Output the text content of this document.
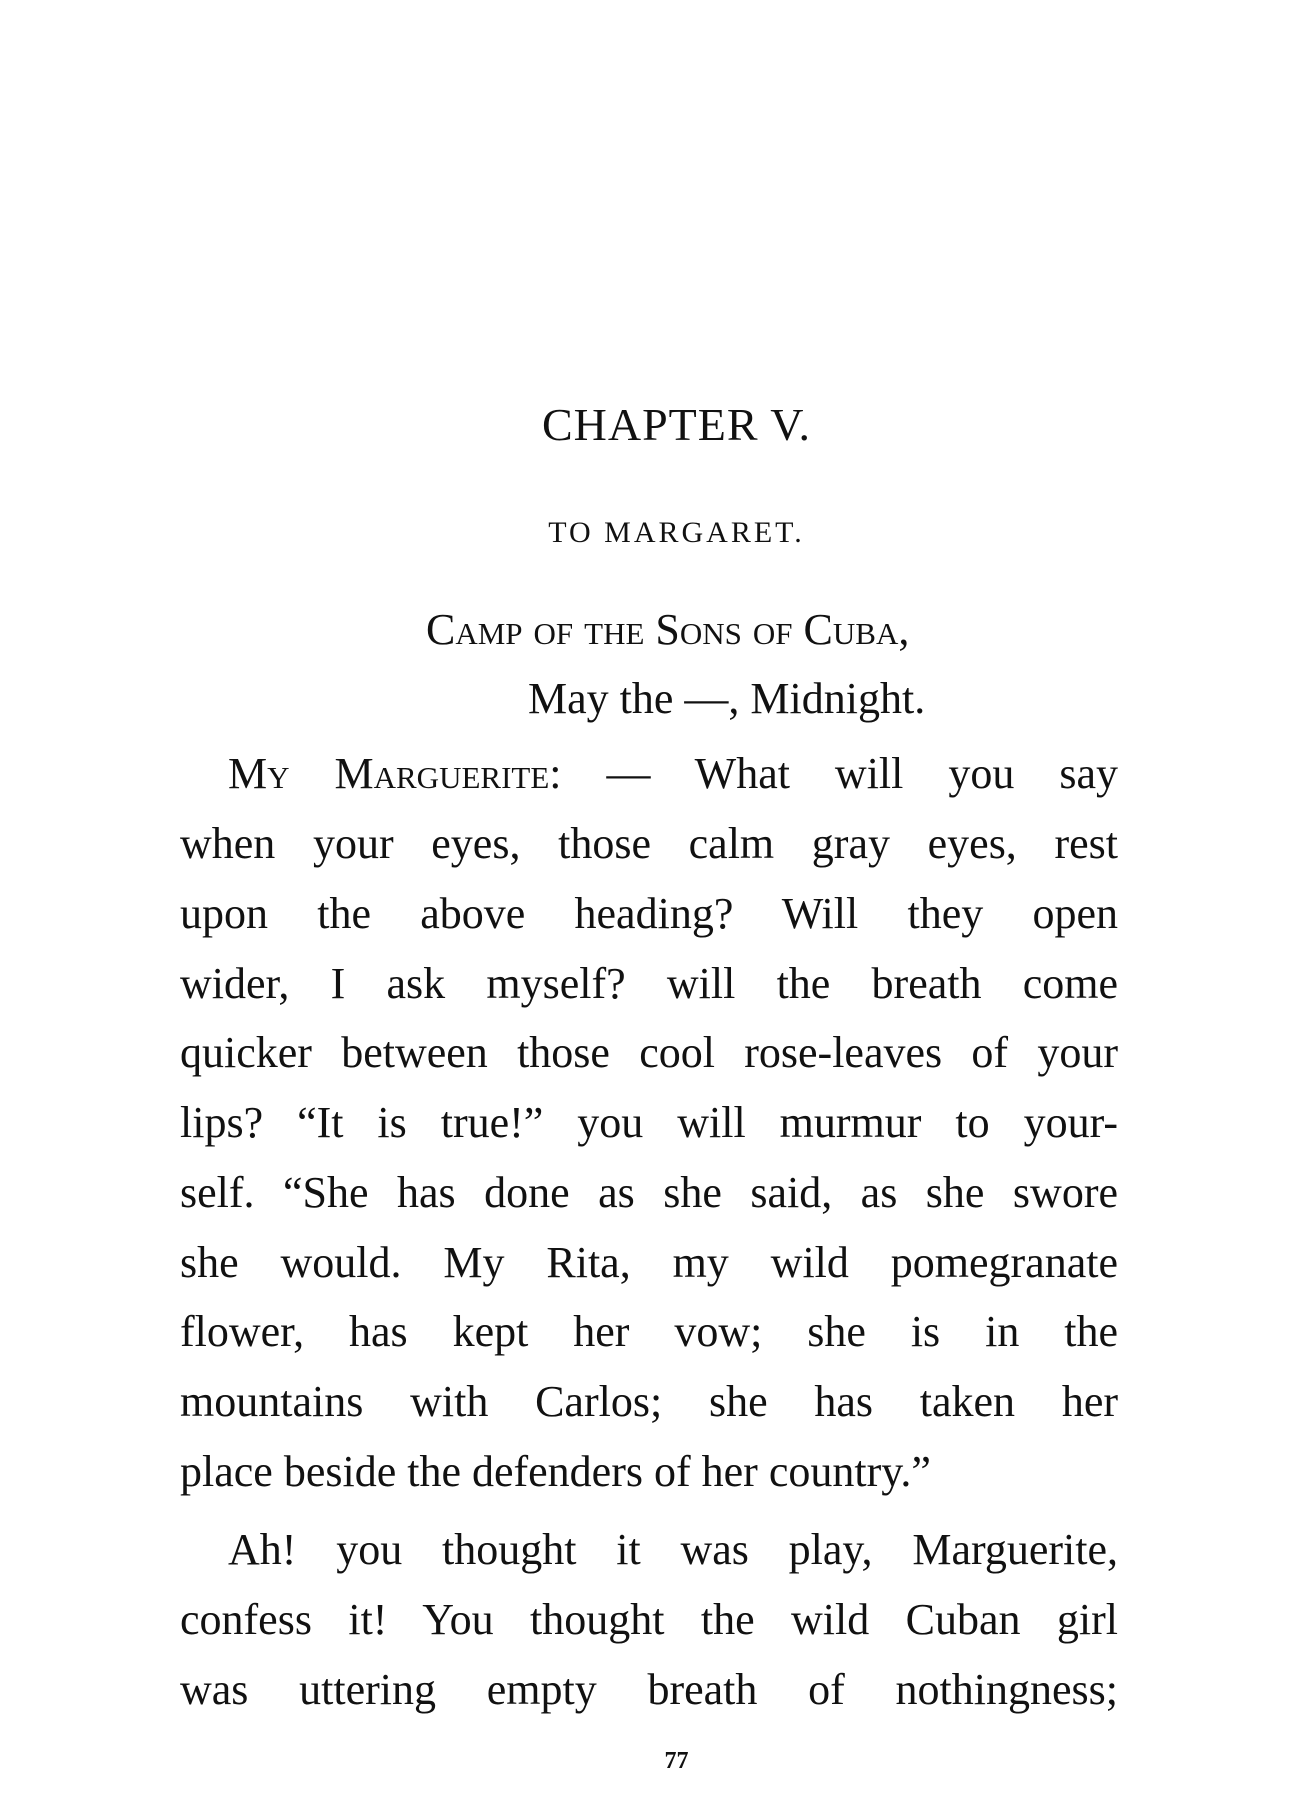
CHAPTER V.
TO MARGARET.
Camp of the Sons of Cuba,
May the —, Midnight.
My Marguerite: — What will you say
when your eyes, those calm gray eyes, rest
upon the above heading? Will they open
wider, I ask myself? will the breath come
quicker between those cool rose-leaves of your
lips? “It is true!” you will murmur to your-
self. “She has done as she said, as she swore
she would. My Rita, my wild pomegranate
flower, has kept her vow; she is in the
mountains with Carlos; she has taken her
place beside the defenders of her country.”
Ah! you thought it was play, Marguerite,
confess it! You thought the wild Cuban girl
was uttering empty breath of nothingness;
77
